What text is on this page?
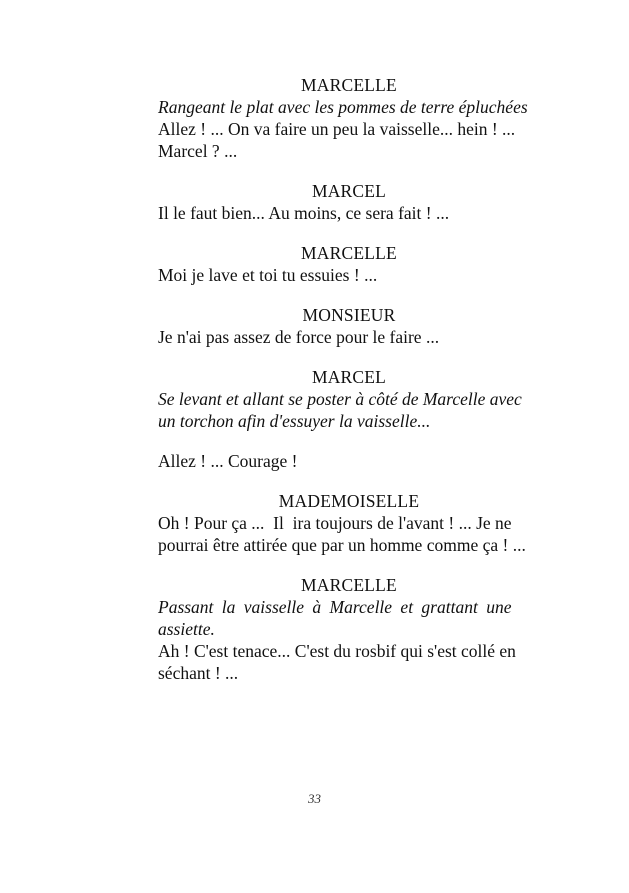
MARCELLE
Rangeant le plat avec les pommes de terre épluchées
Allez ! ... On va faire un peu la vaisselle... hein ! ...
Marcel ? ...
MARCEL
Il le faut bien... Au moins, ce sera fait ! ...
MARCELLE
Moi je lave et toi tu essuies ! ...
MONSIEUR
Je n'ai pas assez de force pour le faire ...
MARCEL
Se levant et allant se poster à côté de Marcelle avec
un torchon afin d'essuyer la vaisselle...
Allez ! ... Courage !
MADEMOISELLE
Oh ! Pour ça ...  Il  ira toujours de l'avant ! ... Je ne
pourrai être attirée que par un homme comme ça ! ...
MARCELLE
Passant la vaisselle à Marcelle et grattant une
assiette.
Ah ! C'est tenace... C'est du rosbif qui s'est collé en
séchant ! ...
33
